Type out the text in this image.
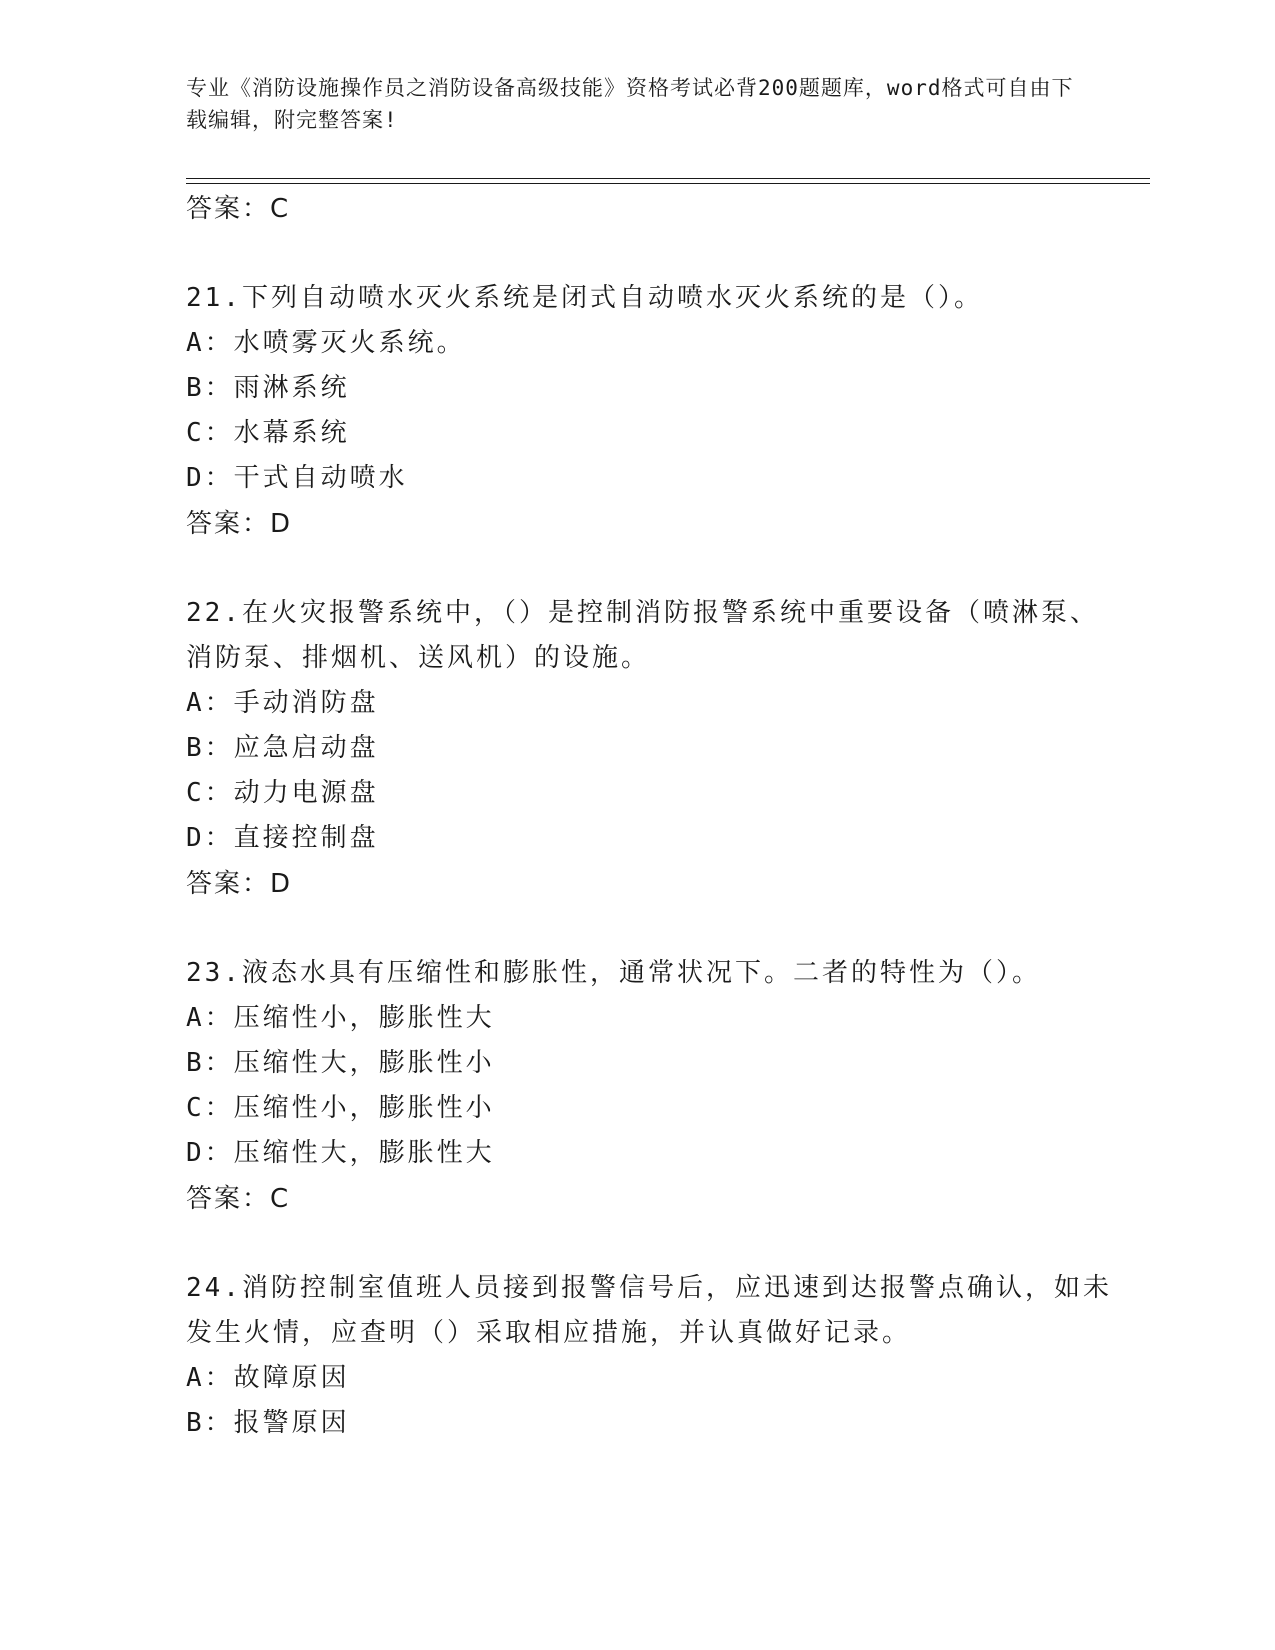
专业《消防设施操作员之消防设备高级技能》资格考试必背200题题库，word格式可自由下载编辑，附完整答案!
答案：C
21.下列自动喷水灭火系统是闭式自动喷水灭火系统的是（）。
A：水喷雾灭火系统。
B：雨淋系统
C：水幕系统
D：干式自动喷水
答案：D
22.在火灾报警系统中，（）是控制消防报警系统中重要设备（喷淋泵、消防泵、排烟机、送风机）的设施。
A：手动消防盘
B：应急启动盘
C：动力电源盘
D：直接控制盘
答案：D
23.液态水具有压缩性和膨胀性，通常状况下。二者的特性为（）。
A：压缩性小，膨胀性大
B：压缩性大，膨胀性小
C：压缩性小，膨胀性小
D：压缩性大，膨胀性大
答案：C
24.消防控制室值班人员接到报警信号后，应迅速到达报警点确认，如未发生火情，应查明（）采取相应措施，并认真做好记录。
A：故障原因
B：报警原因
